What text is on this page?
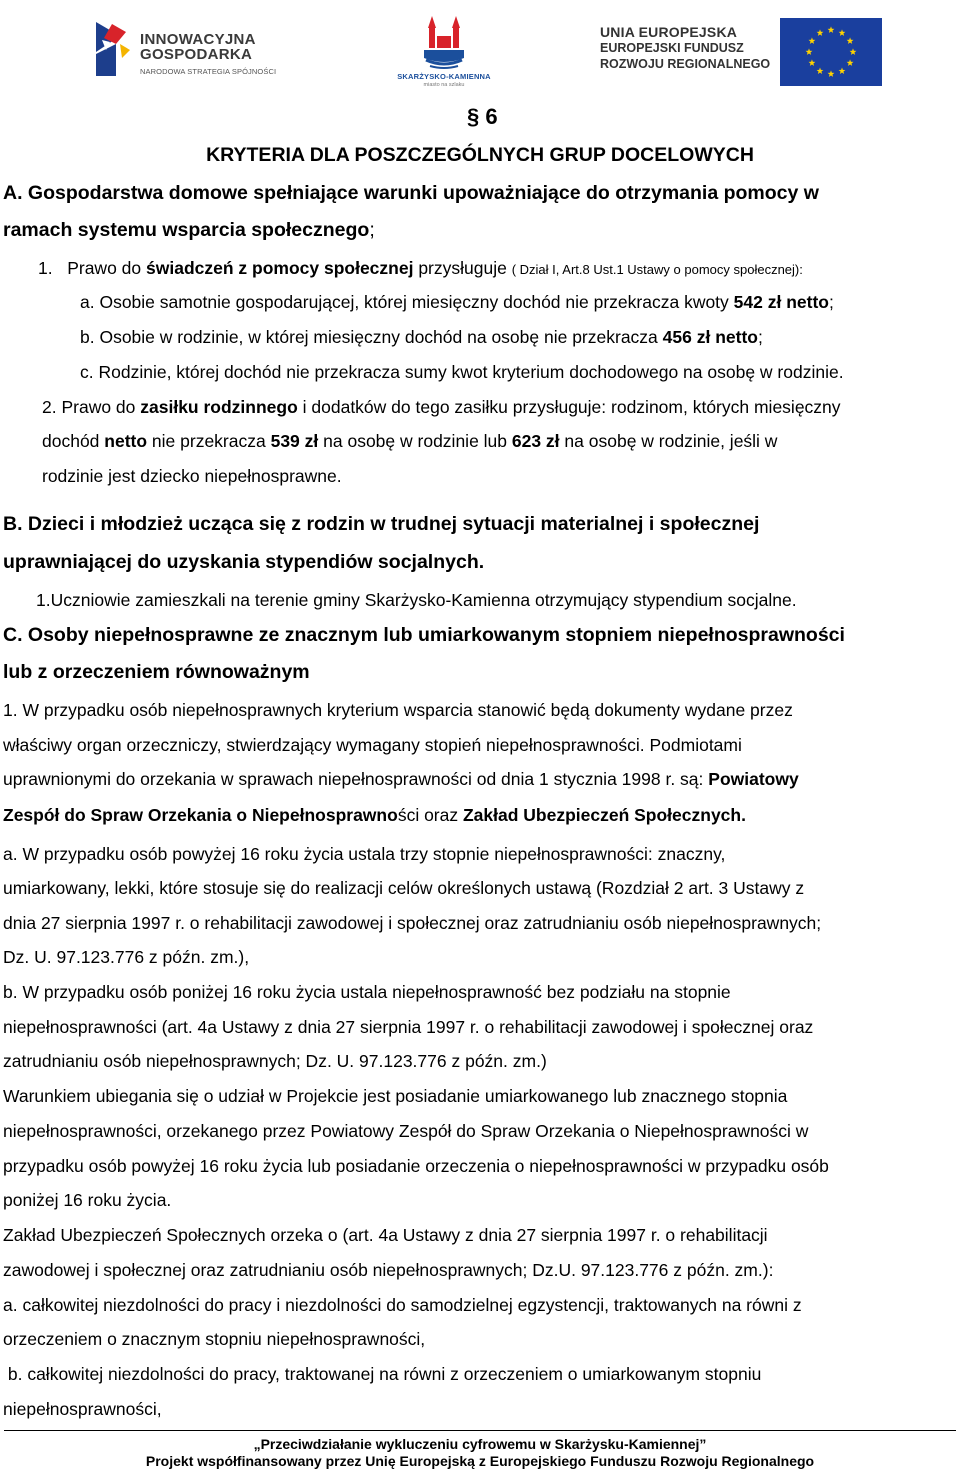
INNOWACYJNA
GOSPODARKA
NARODOWA STRATEGIA SPÓJNOŚCI
SKARŻYSKO-KAMIENNA
miasto na szlaku
UNIA EUROPEJSKA
EUROPEJSKI FUNDUSZ
ROZWOJU REGIONALNEGO
§ 6
KRYTERIA DLA POSZCZEGÓLNYCH GRUP DOCELOWYCH
A. Gospodarstwa domowe spełniające warunki upoważniające do otrzymania pomocy w
ramach systemu wsparcia społecznego;
1. Prawo do świadczeń z pomocy społecznej przysługuje ( Dział I, Art.8 Ust.1 Ustawy o pomocy społecznej):
a. Osobie samotnie gospodarującej, której miesięczny dochód nie przekracza kwoty 542 zł netto;
b. Osobie w rodzinie, w której miesięczny dochód na osobę nie przekracza 456 zł netto;
c. Rodzinie, której dochód nie przekracza sumy kwot kryterium dochodowego na osobę w rodzinie.
2. Prawo do zasiłku rodzinnego i dodatków do tego zasiłku przysługuje: rodzinom, których miesięczny
dochód netto nie przekracza 539 zł na osobę w rodzinie lub 623 zł na osobę w rodzinie, jeśli w
rodzinie jest dziecko niepełnosprawne.
B. Dzieci i młodzież ucząca się z rodzin w trudnej sytuacji materialnej i społecznej
uprawniającej do uzyskania stypendiów socjalnych.
1.Uczniowie zamieszkali na terenie gminy Skarżysko-Kamienna otrzymujący stypendium socjalne.
C. Osoby niepełnosprawne ze znacznym lub umiarkowanym stopniem niepełnosprawności
lub z orzeczeniem równoważnym
1. W przypadku osób niepełnosprawnych kryterium wsparcia stanowić będą dokumenty wydane przez
właściwy organ orzeczniczy, stwierdzający wymagany stopień niepełnosprawności. Podmiotami
uprawnionymi do orzekania w sprawach niepełnosprawności od dnia 1 stycznia 1998 r. są: Powiatowy
Zespół do Spraw Orzekania o Niepełnosprawności oraz Zakład Ubezpieczeń Społecznych.
a. W przypadku osób powyżej 16 roku życia ustala trzy stopnie niepełnosprawności: znaczny,
umiarkowany, lekki, które stosuje się do realizacji celów określonych ustawą (Rozdział 2 art. 3 Ustawy z
dnia 27 sierpnia 1997 r. o rehabilitacji zawodowej i społecznej oraz zatrudnianiu osób niepełnosprawnych;
Dz. U. 97.123.776 z późn. zm.),
b. W przypadku osób poniżej 16 roku życia ustala niepełnosprawność bez podziału na stopnie
niepełnosprawności (art. 4a Ustawy z dnia 27 sierpnia 1997 r. o rehabilitacji zawodowej i społecznej oraz
zatrudnianiu osób niepełnosprawnych; Dz. U. 97.123.776 z późn. zm.)
Warunkiem ubiegania się o udział w Projekcie jest posiadanie umiarkowanego lub znacznego stopnia
niepełnosprawności, orzekanego przez Powiatowy Zespół do Spraw Orzekania o Niepełnosprawności w
przypadku osób powyżej 16 roku życia lub posiadanie orzeczenia o niepełnosprawności w przypadku osób
poniżej 16 roku życia.
Zakład Ubezpieczeń Społecznych orzeka o (art. 4a Ustawy z dnia 27 sierpnia 1997 r. o rehabilitacji
zawodowej i społecznej oraz zatrudnianiu osób niepełnosprawnych; Dz.U. 97.123.776 z późn. zm.):
a. całkowitej niezdolności do pracy i niezdolności do samodzielnej egzystencji, traktowanych na równi z
orzeczeniem o znacznym stopniu niepełnosprawności,
b. całkowitej niezdolności do pracy, traktowanej na równi z orzeczeniem o umiarkowanym stopniu
niepełnosprawności,
„Przeciwdziałanie wykluczeniu cyfrowemu w Skarżysku-Kamiennej”
Projekt współfinansowany przez Unię Europejską z Europejskiego Funduszu Rozwoju Regionalnego
